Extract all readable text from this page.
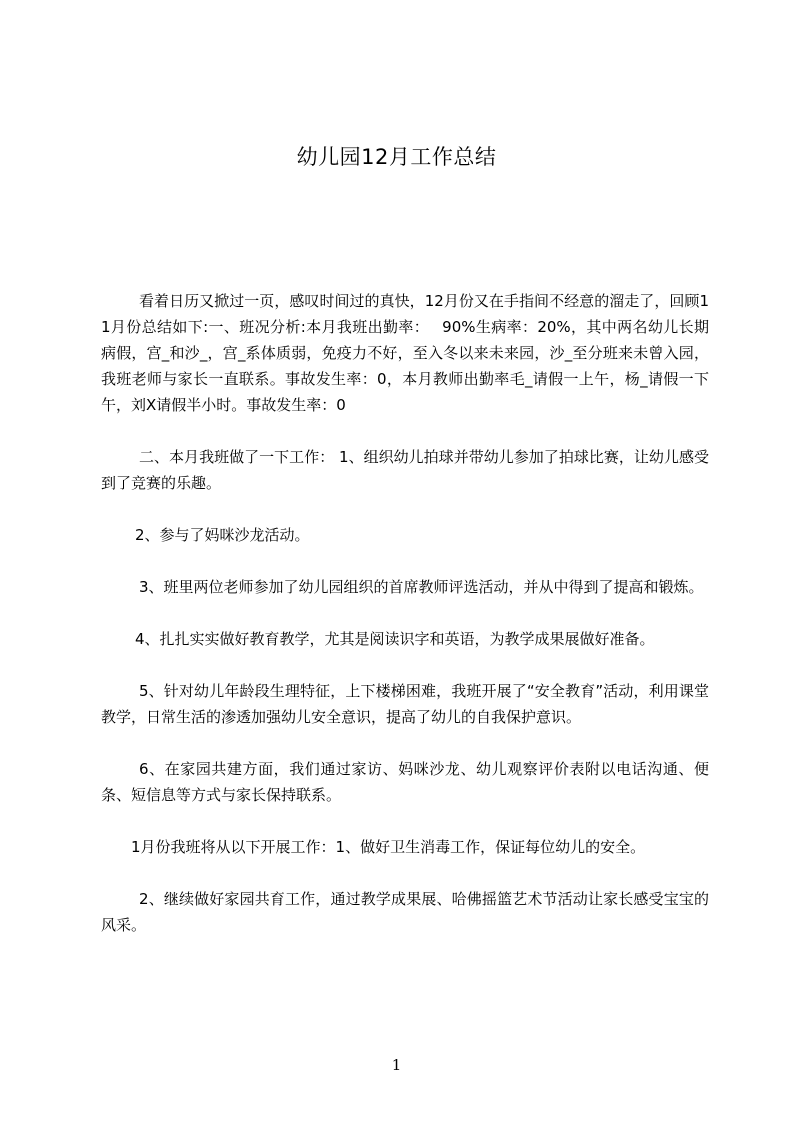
幼儿园12月工作总结

看着日历又掀过一页，感叹时间过的真快，12月份又在手指间不经意的溜走了，回顾11月份总结如下:一、班况分析:本月我班出勤率：　 90%生病率：20%，其中两名幼儿长期病假，宫_和沙_，宫_系体质弱，免疫力不好，至入冬以来未来园，沙_至分班来未曾入园，我班老师与家长一直联系。事故发生率：0，本月教师出勤率毛_请假一上午，杨_请假一下午，刘X请假半小时。事故发生率：0

二、本月我班做了一下工作： 1、组织幼儿拍球并带幼儿参加了拍球比赛，让幼儿感受到了竞赛的乐趣。

2、参与了妈咪沙龙活动。

3、班里两位老师参加了幼儿园组织的首席教师评选活动，并从中得到了提高和锻炼。

4、扎扎实实做好教育教学，尤其是阅读识字和英语，为教学成果展做好准备。

5、针对幼儿年龄段生理特征，上下楼梯困难，我班开展了“安全教育”活动，利用课堂教学，日常生活的渗透加强幼儿安全意识，提高了幼儿的自我保护意识。

6、在家园共建方面，我们通过家访、妈咪沙龙、幼儿观察评价表附以电话沟通、便条、短信息等方式与家长保持联系。

1月份我班将从以下开展工作：1、做好卫生消毒工作，保证每位幼儿的安全。

2、继续做好家园共育工作，通过教学成果展、哈佛摇篮艺术节活动让家长感受宝宝的风采。

1
